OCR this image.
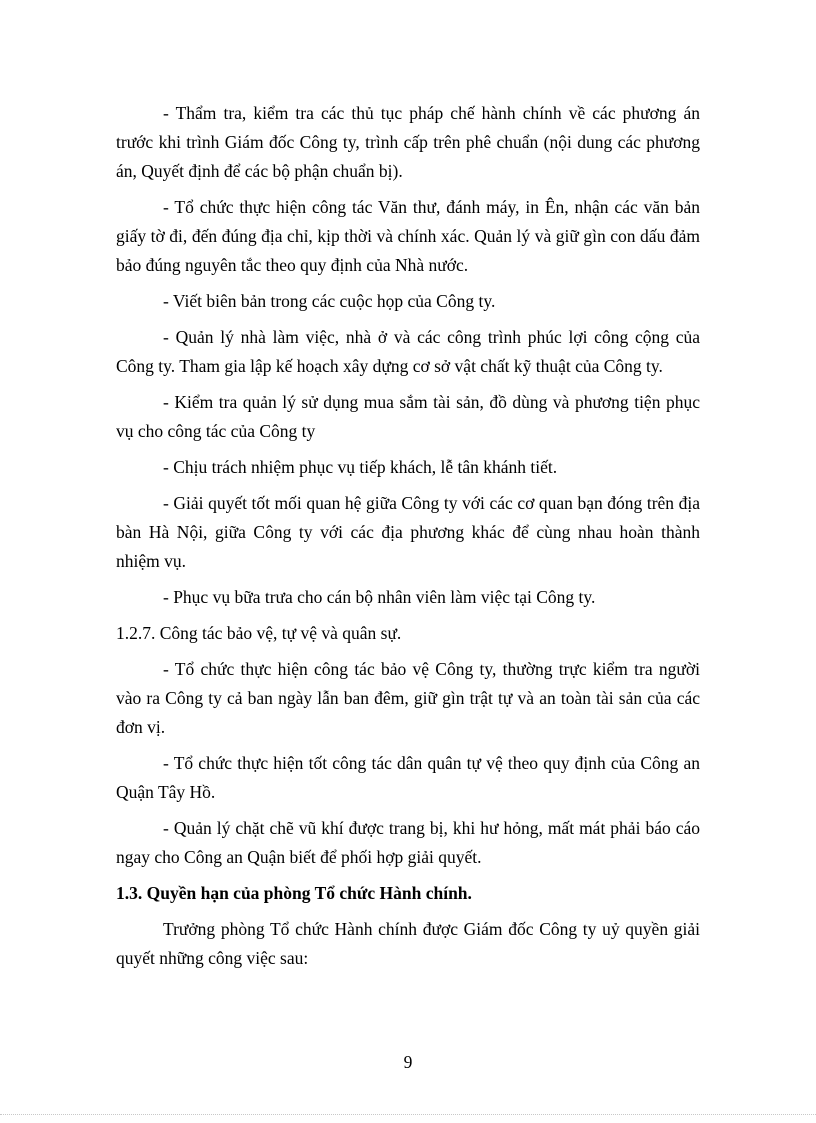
- Thẩm tra, kiểm tra các thủ tục pháp chế hành chính về các phương án trước khi trình Giám đốc Công ty, trình cấp trên phê chuẩn (nội dung các phương án, Quyết định để các bộ phận chuẩn bị).

- Tổ chức thực hiện công tác Văn thư, đánh máy, in Ên, nhận các văn bản giấy tờ đi, đến đúng địa chỉ, kịp thời và chính xác. Quản lý và giữ gìn con dấu đảm bảo đúng nguyên tắc theo quy định của Nhà nước.

- Viết biên bản trong các cuộc họp của Công ty.

- Quản lý nhà làm việc, nhà ở và các công trình phúc lợi công cộng của Công ty. Tham gia lập kế hoạch xây dựng cơ sở vật chất kỹ thuật của Công ty.

- Kiểm tra quản lý sử dụng mua sắm tài sản, đồ dùng và phương tiện phục vụ cho công tác của Công ty

- Chịu trách nhiệm phục vụ tiếp khách, lễ tân khánh tiết.

- Giải quyết tốt mối quan hệ giữa Công ty với các cơ quan bạn đóng trên địa bàn Hà Nội, giữa Công ty với các địa phương khác để cùng nhau hoàn thành nhiệm vụ.

- Phục vụ bữa trưa cho cán bộ nhân viên làm việc tại Công ty.

1.2.7. Công tác bảo vệ, tự vệ và quân sự.

- Tổ chức thực hiện công tác bảo vệ Công ty, thường trực kiểm tra người vào ra Công ty cả ban ngày lẫn ban đêm, giữ gìn trật tự và an toàn tài sản của các đơn vị.

- Tổ chức thực hiện tốt công tác dân quân tự vệ theo quy định của Công an Quận Tây Hồ.

- Quản lý chặt chẽ vũ khí được trang bị, khi hư hỏng, mất mát phải báo cáo ngay cho Công an Quận biết để phối hợp giải quyết.

1.3. Quyền hạn của phòng Tổ chức Hành chính.

Trưởng phòng Tổ chức Hành chính được Giám đốc Công ty uỷ quyền giải quyết những công việc sau:

9
